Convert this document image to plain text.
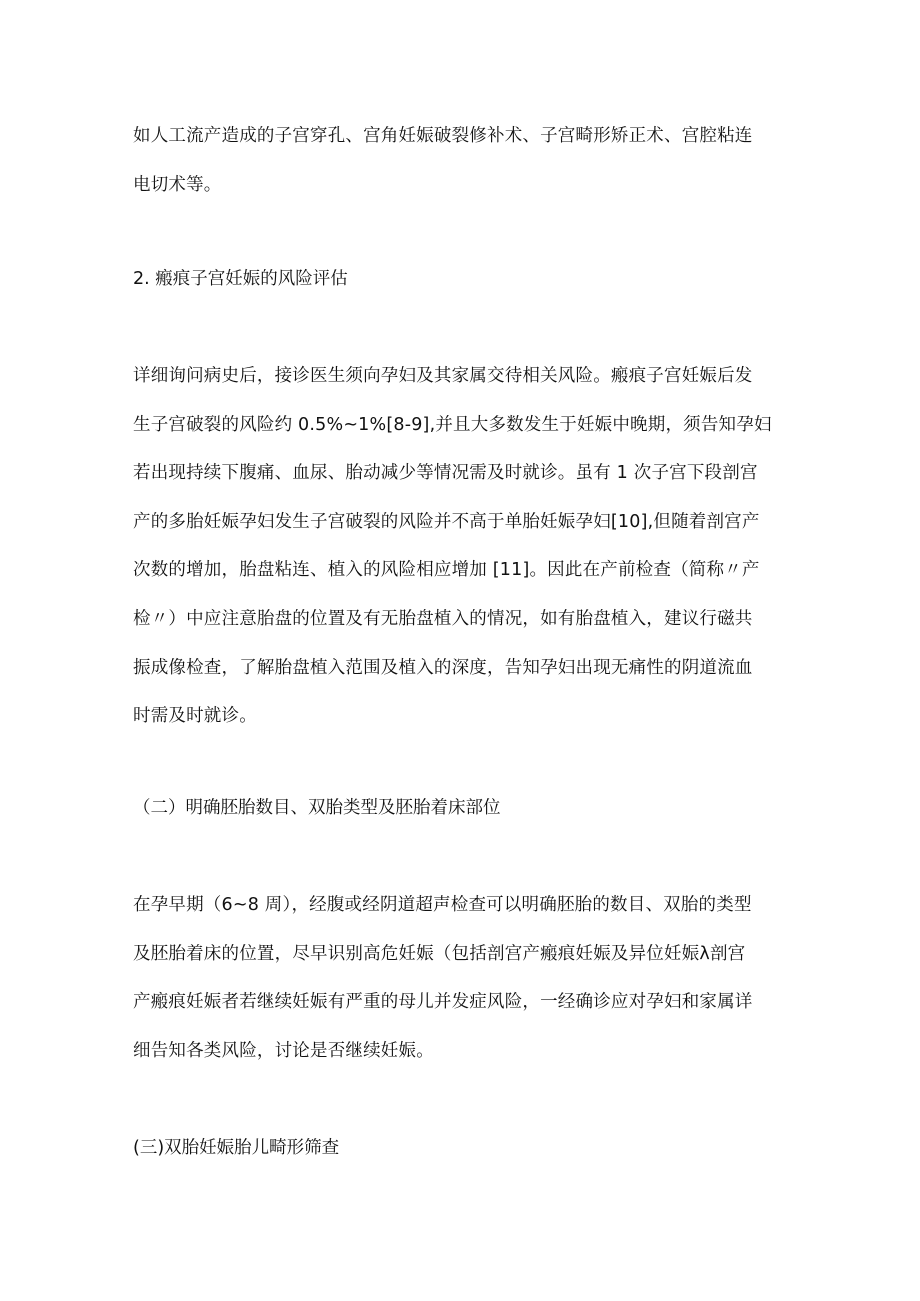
如人工流产造成的子宫穿孔、宫角妊娠破裂修补术、子宫畸形矫正术、宫腔粘连
电切术等。

2. 瘢痕子宫妊娠的风险评估

详细询问病史后，接诊医生须向孕妇及其家属交待相关风险。瘢痕子宫妊娠后发
生子宫破裂的风险约 0.5%~1%[8-9],并且大多数发生于妊娠中晚期，须告知孕妇
若出现持续下腹痛、血尿、胎动减少等情况需及时就诊。虽有 1 次子宫下段剖宫
产的多胎妊娠孕妇发生子宫破裂的风险并不高于单胎妊娠孕妇[10],但随着剖宫产
次数的增加，胎盘粘连、植入的风险相应增加 [11]。因此在产前检查（简称〃产
检〃）中应注意胎盘的位置及有无胎盘植入的情况，如有胎盘植入，建议行磁共
振成像检查，了解胎盘植入范围及植入的深度，告知孕妇出现无痛性的阴道流血
时需及时就诊。

（二）明确胚胎数目、双胎类型及胚胎着床部位

在孕早期（6~8 周），经腹或经阴道超声检查可以明确胚胎的数目、双胎的类型
及胚胎着床的位置，尽早识别高危妊娠（包括剖宫产瘢痕妊娠及异位妊娠λ剖宫
产瘢痕妊娠者若继续妊娠有严重的母儿并发症风险，一经确诊应对孕妇和家属详
细告知各类风险，讨论是否继续妊娠。

(三)双胎妊娠胎儿畸形筛查
